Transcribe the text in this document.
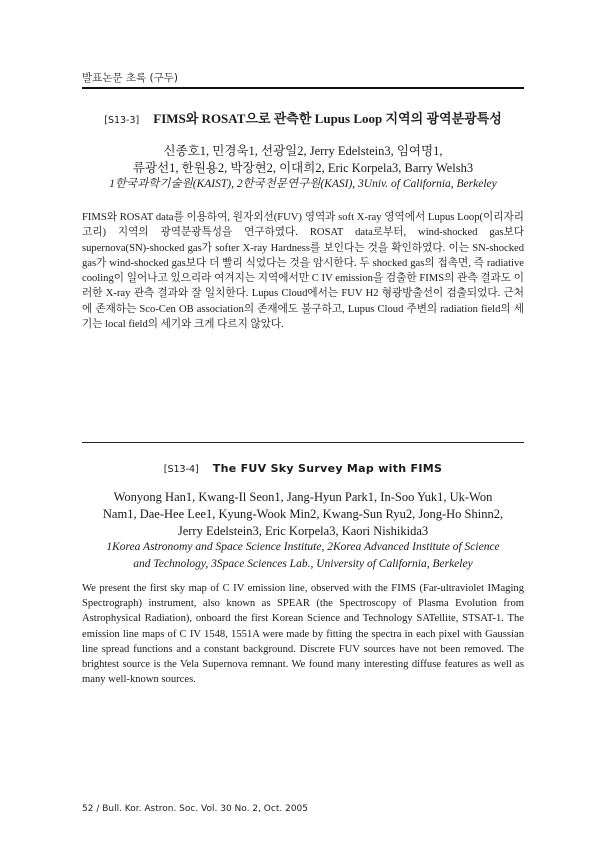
발표논문 초록 (구두)
[S13-3] FIMS와 ROSAT으로 관측한 Lupus Loop 지역의 광역분광특성
신종호1, 민경욱1, 선광일2, Jerry Edelstein3, 임여명1,
류광선1, 한원용2, 박장현2, 이대희2, Eric Korpela3, Barry Welsh3
1한국과학기술원(KAIST), 2한국천문연구원(KASI), 3Univ. of California, Berkeley

FIMS와 ROSAT data를 이용하여, 원자외선(FUV) 영역과 soft X-ray 영역에서 Lupus Loop(이리자리 고리) 지역의 광역분광특성을 연구하였다. ROSAT data로부터, wind-shocked gas보다 supernova(SN)-shocked gas가 softer X-ray Hardness를 보인다는 것을 확인하였다. 이는 SN-shocked gas가 wind-shocked gas보다 더 빨리 식었다는 것을 암시한다. 두 shocked gas의 접촉면, 즉 radiative cooling이 일어나고 있으리라 여겨지는 지역에서만 C IV emission을 검출한 FIMS의 관측 결과도 이러한 X-ray 관측 결과와 잘 일치한다. Lupus Cloud에서는 FUV H2 형광방출선이 검출되었다. 근처에 존재하는 Sco-Cen OB association의 존재에도 불구하고, Lupus Cloud 주변의 radiation field의 세기는 local field의 세기와 크게 다르지 않았다.

[S13-4] The FUV Sky Survey Map with FIMS
Wonyong Han1, Kwang-Il Seon1, Jang-Hyun Park1, In-Soo Yuk1, Uk-Won
Nam1, Dae-Hee Lee1, Kyung-Wook Min2, Kwang-Sun Ryu2, Jong-Ho Shinn2,
Jerry Edelstein3, Eric Korpela3, Kaori Nishikida3
1Korea Astronomy and Space Science Institute, 2Korea Advanced Institute of Science
and Technology, 3Space Sciences Lab., University of California, Berkeley

We present the first sky map of C IV emission line, observed with the FIMS (Far-ultraviolet IMaging Spectrograph) instrument, also known as SPEAR (the Spectroscopy of Plasma Evolution from Astrophysical Radiation), onboard the first Korean Science and Technology SATellite, STSAT-1. The emission line maps of C IV 1548, 1551A were made by fitting the spectra in each pixel with Gaussian line spread functions and a constant background. Discrete FUV sources have not been removed. The brightest source is the Vela Supernova remnant. We found many interesting diffuse features as well as many well-known sources.

52 / Bull. Kor. Astron. Soc. Vol. 30 No. 2, Oct. 2005
